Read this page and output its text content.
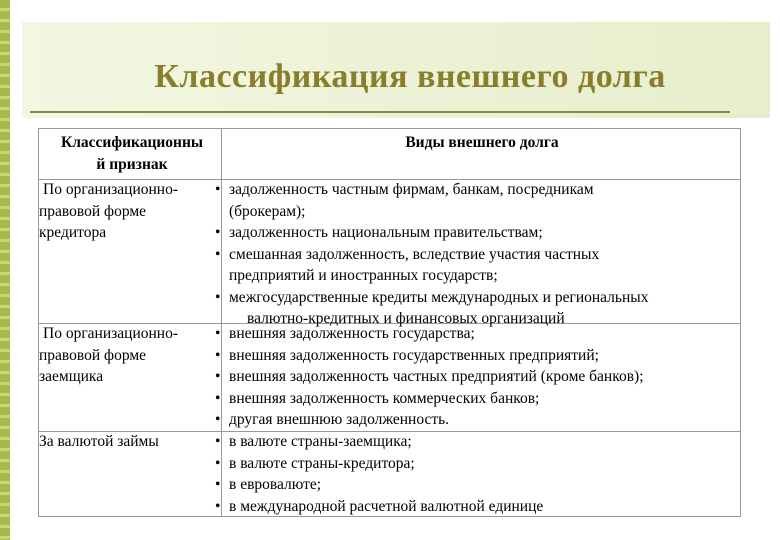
Классификация внешнего долга
Классификационны
й признак
Виды внешнего долга
По организационно-
правовой форме
кредитора
• задолженность частным фирмам, банкам, посредникам
(брокерам);
• задолженность национальным правительствам;
• смешанная задолженность, вследствие участия частных
предприятий и иностранных государств;
• межгосударственные кредиты международных и региональных
валютно-кредитных и финансовых организаций
По организационно-
правовой форме
заемщика
• внешняя задолженность государства;
• внешняя задолженность государственных предприятий;
• внешняя задолженность частных предприятий (кроме банков);
• внешняя задолженность коммерческих банков;
• другая внешнюю задолженность.
За валютой займы	• в валюте страны-заемщика;
• в валюте страны-кредитора;
• в евровалюте;
• в международной расчетной валютной единице
